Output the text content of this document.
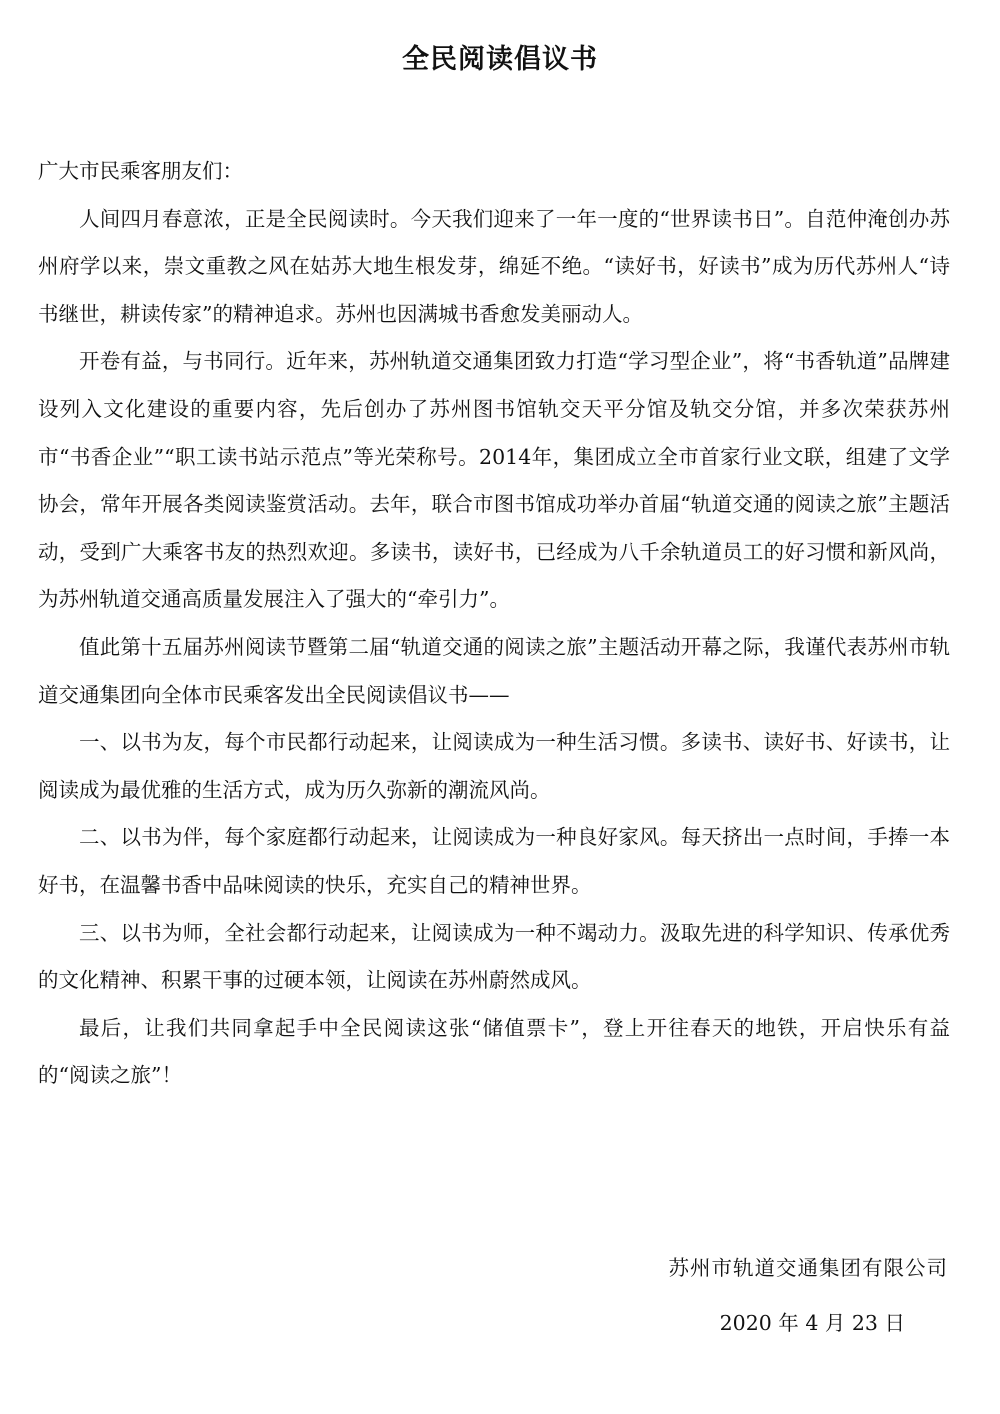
全民阅读倡议书

广大市民乘客朋友们：

人间四月春意浓，正是全民阅读时。今天我们迎来了一年一度的“世界读书日”。自范仲淹创办苏州府学以来，崇文重教之风在姑苏大地生根发芽，绵延不绝。“读好书，好读书”成为历代苏州人“诗书继世，耕读传家”的精神追求。苏州也因满城书香愈发美丽动人。

开卷有益，与书同行。近年来，苏州轨道交通集团致力打造“学习型企业”，将“书香轨道”品牌建设列入文化建设的重要内容，先后创办了苏州图书馆轨交天平分馆及轨交分馆，并多次荣获苏州市“书香企业”“职工读书站示范点”等光荣称号。2014年，集团成立全市首家行业文联，组建了文学协会，常年开展各类阅读鉴赏活动。去年，联合市图书馆成功举办首届“轨道交通的阅读之旅”主题活动，受到广大乘客书友的热烈欢迎。多读书，读好书，已经成为八千余轨道员工的好习惯和新风尚，为苏州轨道交通高质量发展注入了强大的“牵引力”。

值此第十五届苏州阅读节暨第二届“轨道交通的阅读之旅”主题活动开幕之际，我谨代表苏州市轨道交通集团向全体市民乘客发出全民阅读倡议书——

一、以书为友，每个市民都行动起来，让阅读成为一种生活习惯。多读书、读好书、好读书，让阅读成为最优雅的生活方式，成为历久弥新的潮流风尚。

二、以书为伴，每个家庭都行动起来，让阅读成为一种良好家风。每天挤出一点时间，手捧一本好书，在温馨书香中品味阅读的快乐，充实自己的精神世界。

三、以书为师，全社会都行动起来，让阅读成为一种不竭动力。汲取先进的科学知识、传承优秀的文化精神、积累干事的过硬本领，让阅读在苏州蔚然成风。

最后，让我们共同拿起手中全民阅读这张“储值票卡”，登上开往春天的地铁，开启快乐有益的“阅读之旅”！

苏州市轨道交通集团有限公司
2020 年 4 月 23 日
